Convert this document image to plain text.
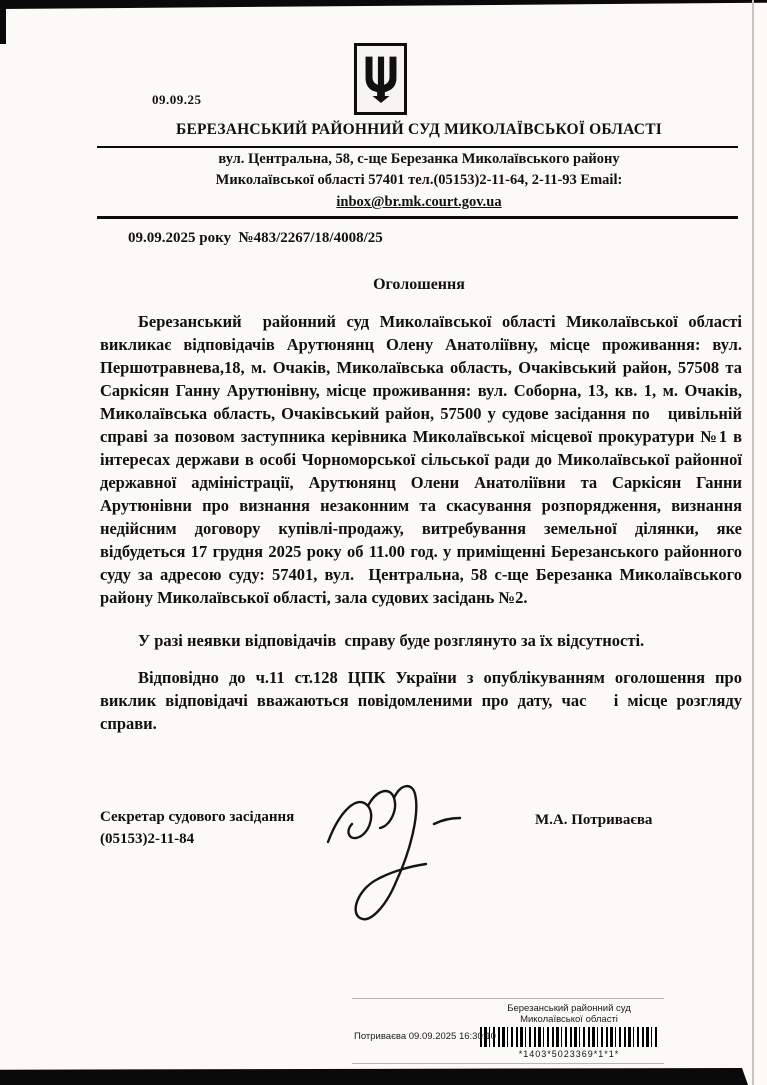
09.09.25
БЕРЕЗАНСЬКИЙ РАЙОННИЙ СУД МИКОЛАЇВСЬКОЇ ОБЛАСТІ
вул. Центральна, 58, с-ще Березанка Миколаївського району
Миколаївської області 57401 тел.(05153)2-11-64, 2-11-93 Email:
inbox@br.mk.court.gov.ua
09.09.2025 року  №483/2267/18/4008/25
Оголошення

Березанський  районний суд Миколаївської області Миколаївської області викликає відповідачів Арутюнянц Олену Анатоліївну, місце проживання: вул. Першотравнева,18, м. Очаків, Миколаївська область, Очаківський район, 57508 та Саркісян Ганну Арутюнівну, місце проживання: вул. Соборна, 13, кв. 1, м. Очаків, Миколаївська область, Очаківський район, 57500 у судове засідання по   цивільній справі за позовом заступника керівника Миколаївської місцевої прокуратури №1 в інтересах держави в особі Чорноморської сільської ради до Миколаївської районної державної адміністрації, Арутюнянц Олени Анатоліївни та Саркісян Ганни Арутюнівни про визнання незаконним та скасування розпорядження, визнання недійсним договору купівлі-продажу, витребування земельної ділянки, яке відбудеться 17 грудня 2025 року об 11.00 год. у приміщенні Березанського районного суду за адресою суду: 57401, вул.  Центральна, 58 с-ще Березанка Миколаївського району Миколаївської області, зала судових засідань №2.

У разі неявки відповідачів  справу буде розглянуто за їх відсутності.

Відповідно до ч.11 ст.128 ЦПК України з опублікуванням оголошення про виклик відповідачі вважаються повідомленими про дату, час   і місце розгляду справи.

Секретар судового засідання
(05153)2-11-84
М.А. Потриваєва
Березанський районний суд
Миколаївської області
*1403*5023369*1*1*
Потриваєва 09.09.2025 16:30:10
